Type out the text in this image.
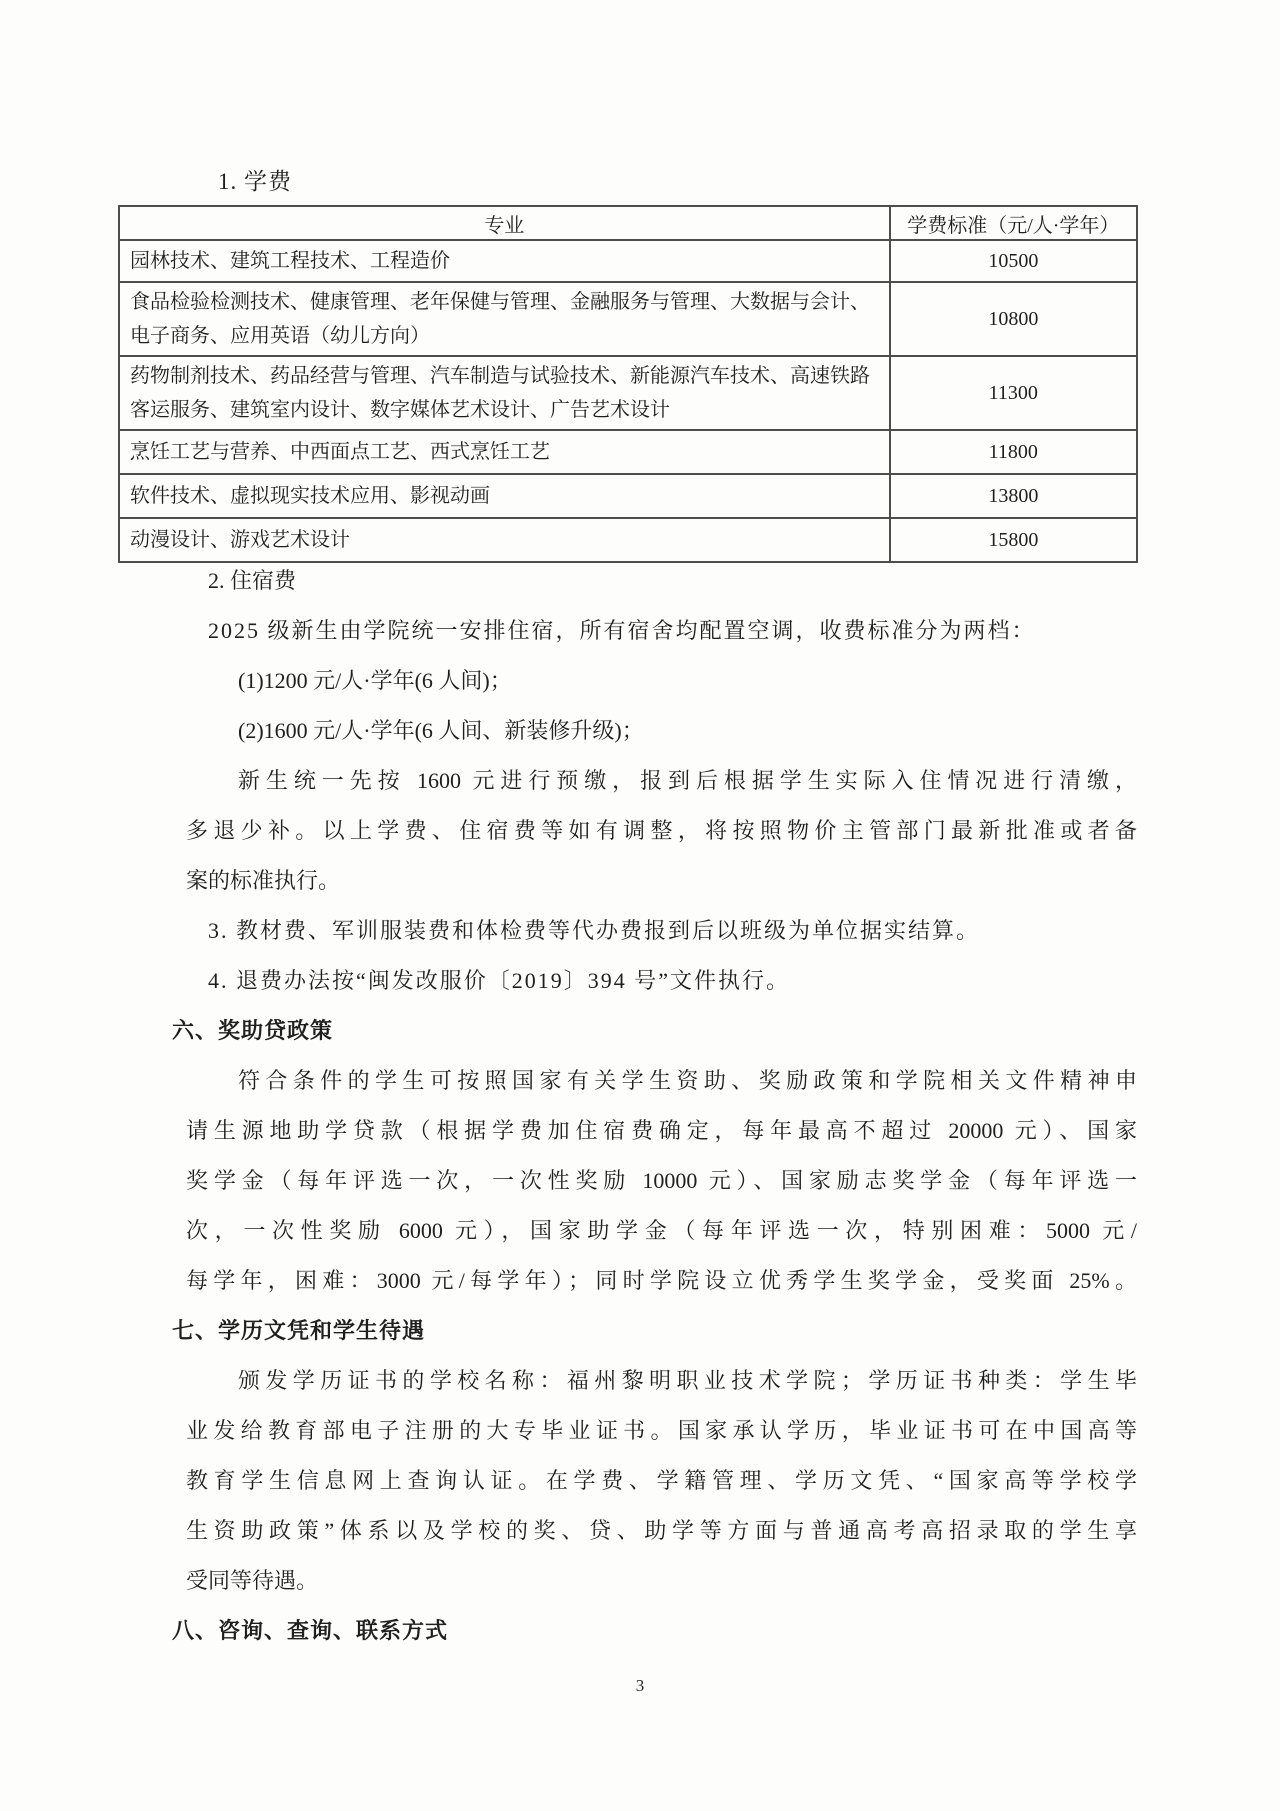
1. 学费
专业	学费标准（元/人·学年）
园林技术、建筑工程技术、工程造价	10500
食品检验检测技术、健康管理、老年保健与管理、金融服务与管理、大数据与会计、电子商务、应用英语（幼儿方向）	10800
药物制剂技术、药品经营与管理、汽车制造与试验技术、新能源汽车技术、高速铁路客运服务、建筑室内设计、数字媒体艺术设计、广告艺术设计	11300
烹饪工艺与营养、中西面点工艺、西式烹饪工艺	11800
软件技术、虚拟现实技术应用、影视动画	13800
动漫设计、游戏艺术设计	15800
2. 住宿费
2025 级新生由学院统一安排住宿，所有宿舍均配置空调，收费标准分为两档：
(1)1200 元/人·学年(6 人间)；
(2)1600 元/人·学年(6 人间、新装修升级)；
新生统一先按 1600 元进行预缴，报到后根据学生实际入住情况进行清缴，
多退少补。以上学费、住宿费等如有调整，将按照物价主管部门最新批准或者备
案的标准执行。
3. 教材费、军训服装费和体检费等代办费报到后以班级为单位据实结算。
4. 退费办法按“闽发改服价〔2019〕394 号”文件执行。
六、奖助贷政策
符合条件的学生可按照国家有关学生资助、奖励政策和学院相关文件精神申
请生源地助学贷款（根据学费加住宿费确定，每年最高不超过 20000 元）、国家
奖学金（每年评选一次，一次性奖励 10000 元）、国家励志奖学金（每年评选一
次，一次性奖励 6000 元），国家助学金（每年评选一次，特别困难：5000 元/
每学年，困难：3000 元/每学年）；同时学院设立优秀学生奖学金，受奖面 25%。
七、学历文凭和学生待遇
颁发学历证书的学校名称：福州黎明职业技术学院；学历证书种类：学生毕
业发给教育部电子注册的大专毕业证书。国家承认学历，毕业证书可在中国高等
教育学生信息网上查询认证。在学费、学籍管理、学历文凭、“国家高等学校学
生资助政策”体系以及学校的奖、贷、助学等方面与普通高考高招录取的学生享
受同等待遇。
八、咨询、查询、联系方式
3
